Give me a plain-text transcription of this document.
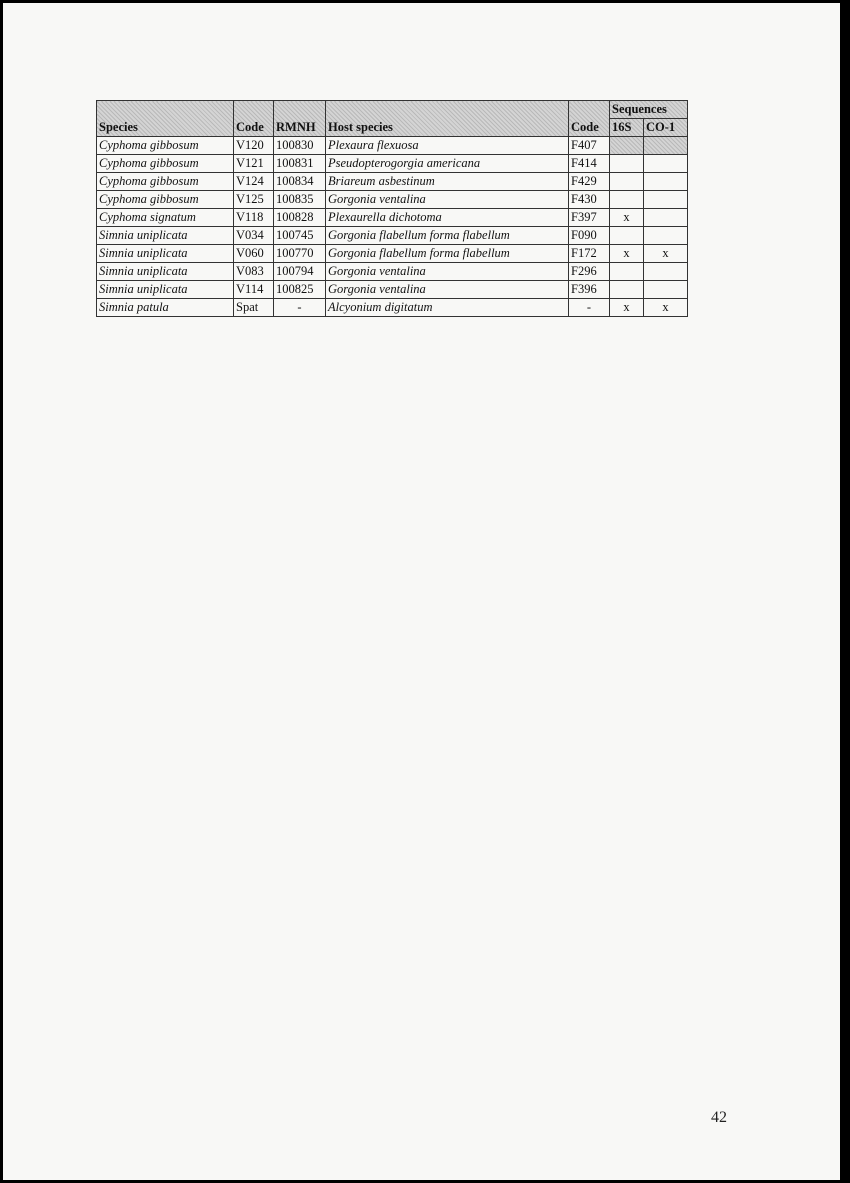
Species	Code	RMNH	Host species	Code	Sequences	
					16S	CO-1
Cyphoma gibbosum	V120	100830	Plexaura flexuosa	F407		
Cyphoma gibbosum	V121	100831	Pseudopterogorgia americana	F414		
Cyphoma gibbosum	V124	100834	Briareum asbestinum	F429		
Cyphoma gibbosum	V125	100835	Gorgonia ventalina	F430		
Cyphoma signatum	V118	100828	Plexaurella dichotoma	F397	x	
Simnia uniplicata	V034	100745	Gorgonia flabellum forma flabellum	F090		
Simnia uniplicata	V060	100770	Gorgonia flabellum forma flabellum	F172	x	x
Simnia uniplicata	V083	100794	Gorgonia ventalina	F296		
Simnia uniplicata	V114	100825	Gorgonia ventalina	F396		
Simnia patula	Spat	-	Alcyonium digitatum	-	x	x
42
